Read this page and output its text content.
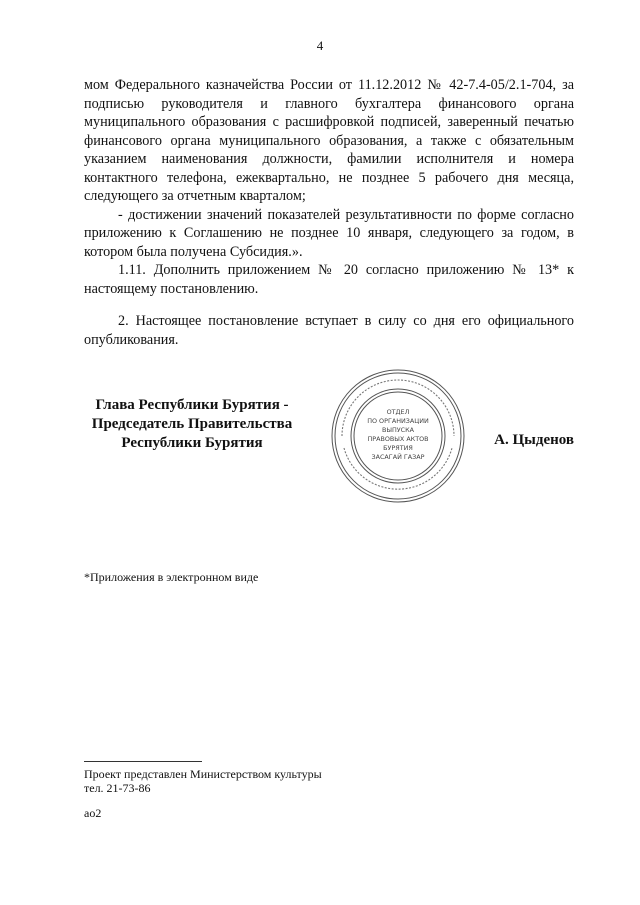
4

мом Федерального казначейства России от 11.12.2012 № 42-7.4-05/2.1-704, за подписью руководителя и главного бухгалтера финансового органа муниципального образования с расшифровкой подписей, заверенный печатью финансового органа муниципального образования, а также с обязательным указанием наименования должности, фамилии исполнителя и номера контактного телефона, ежеквартально, не позднее 5 рабочего дня месяца, следующего за отчетным кварталом;

- достижении значений показателей результативности по форме согласно приложению к Соглашению не позднее 10 января, следующего за годом, в котором была получена Субсидия.».

1.11. Дополнить приложением № 20 согласно приложению № 13* к настоящему постановлению.

2. Настоящее постановление вступает в силу со дня его официального опубликования.

Глава Республики Бурятия -
Председатель Правительства
Республики Бурятия
ОТДЕЛ
ПО ОРГАНИЗАЦИИ
ВЫПУСКА
ПРАВОВЫХ АКТОВ
БУРЯТИЯ
ЗАСАГАЙ ГАЗАР
А. Цыденов
*Приложения в электронном виде
Проект представлен Министерством культуры
тел. 21-73-86
ао2
